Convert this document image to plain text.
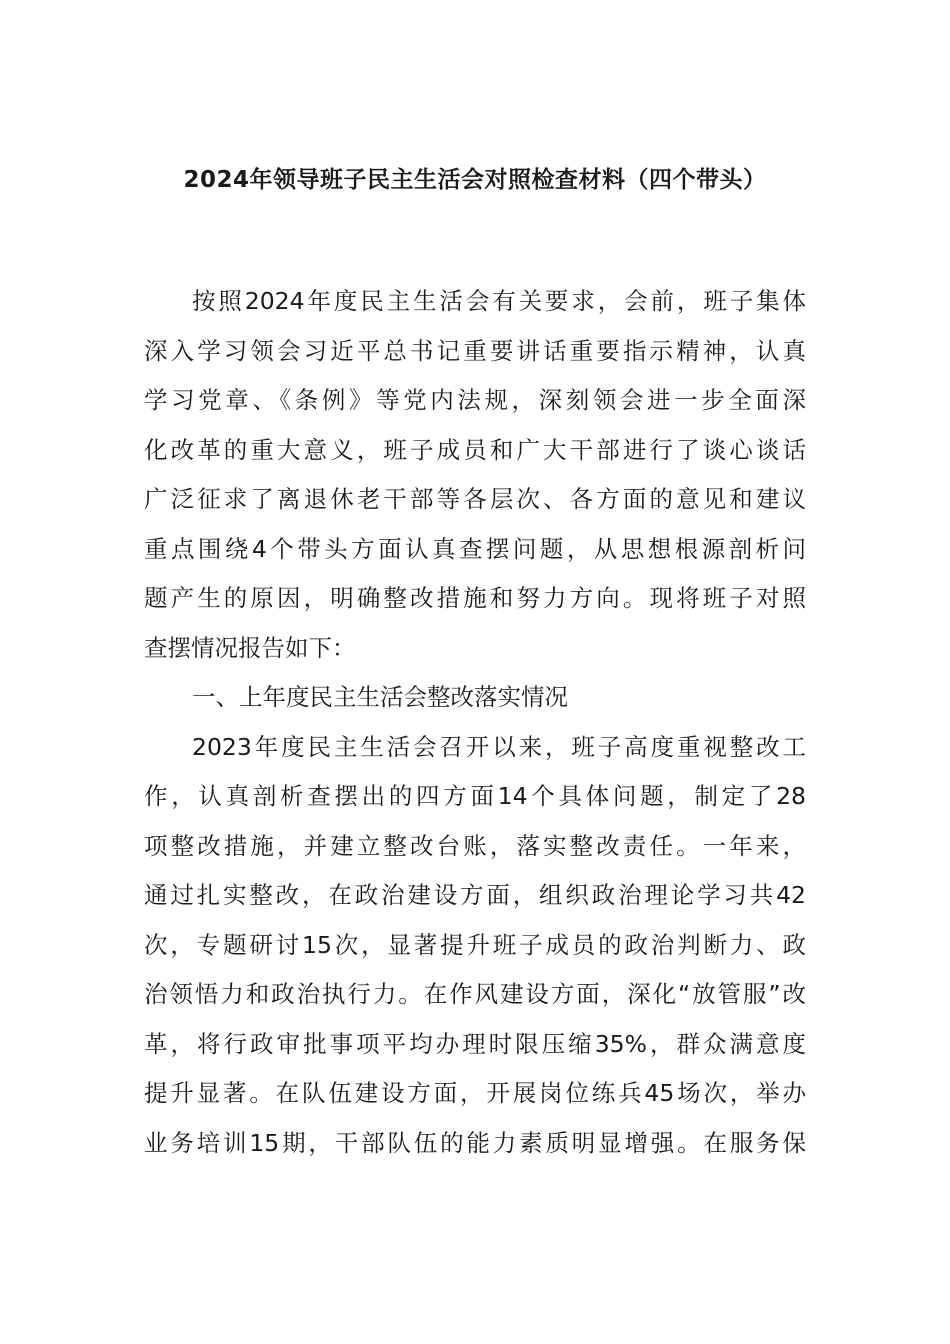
2024年领导班子民主生活会对照检查材料（四个带头）
按照2024年度民主生活会有关要求，会前，班子集体
深入学习领会习近平总书记重要讲话重要指示精神，认真
学习党章、《条例》等党内法规，深刻领会进一步全面深
化改革的重大意义，班子成员和广大干部进行了谈心谈话
广泛征求了离退休老干部等各层次、各方面的意见和建议
重点围绕4个带头方面认真查摆问题，从思想根源剖析问
题产生的原因，明确整改措施和努力方向。现将班子对照
查摆情况报告如下：
一、上年度民主生活会整改落实情况
2023年度民主生活会召开以来，班子高度重视整改工
作，认真剖析查摆出的四方面14个具体问题，制定了28
项整改措施，并建立整改台账，落实整改责任。一年来，
通过扎实整改，在政治建设方面，组织政治理论学习共42
次，专题研讨15次，显著提升班子成员的政治判断力、政
治领悟力和政治执行力。在作风建设方面，深化“放管服”改
革，将行政审批事项平均办理时限压缩35%，群众满意度
提升显著。在队伍建设方面，开展岗位练兵45场次，举办
业务培训15期，干部队伍的能力素质明显增强。在服务保
